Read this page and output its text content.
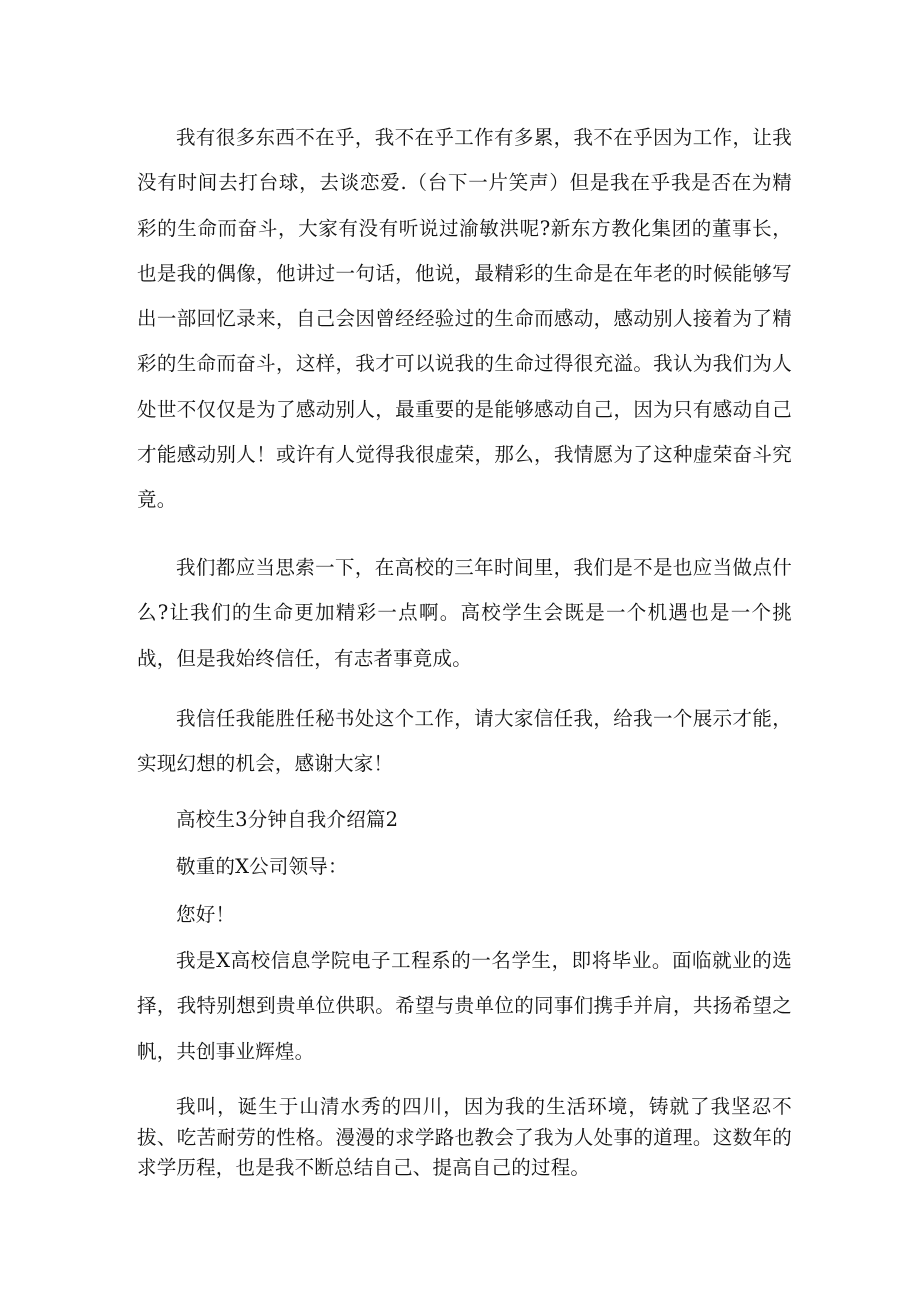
我有很多东西不在乎，我不在乎工作有多累，我不在乎因为工作，让我没有时间去打台球，去谈恋爱.（台下一片笑声）但是我在乎我是否在为精彩的生命而奋斗，大家有没有听说过渝敏洪呢?新东方教化集团的董事长，也是我的偶像，他讲过一句话，他说，最精彩的生命是在年老的时候能够写出一部回忆录来，自己会因曾经经验过的生命而感动，感动别人接着为了精彩的生命而奋斗，这样，我才可以说我的生命过得很充溢。我认为我们为人处世不仅仅是为了感动别人，最重要的是能够感动自己，因为只有感动自己才能感动别人！或许有人觉得我很虚荣，那么，我情愿为了这种虚荣奋斗究竟。

我们都应当思索一下，在高校的三年时间里，我们是不是也应当做点什么?让我们的生命更加精彩一点啊。高校学生会既是一个机遇也是一个挑战，但是我始终信任，有志者事竟成。

我信任我能胜任秘书处这个工作，请大家信任我，给我一个展示才能，实现幻想的机会，感谢大家！

高校生3分钟自我介绍篇2

敬重的X公司领导：

您好！

我是X高校信息学院电子工程系的一名学生，即将毕业。面临就业的选择，我特别想到贵单位供职。希望与贵单位的同事们携手并肩，共扬希望之帆，共创事业辉煌。

我叫，诞生于山清水秀的四川，因为我的生活环境，铸就了我坚忍不拔、吃苦耐劳的性格。漫漫的求学路也教会了我为人处事的道理。这数年的求学历程，也是我不断总结自己、提高自己的过程。
